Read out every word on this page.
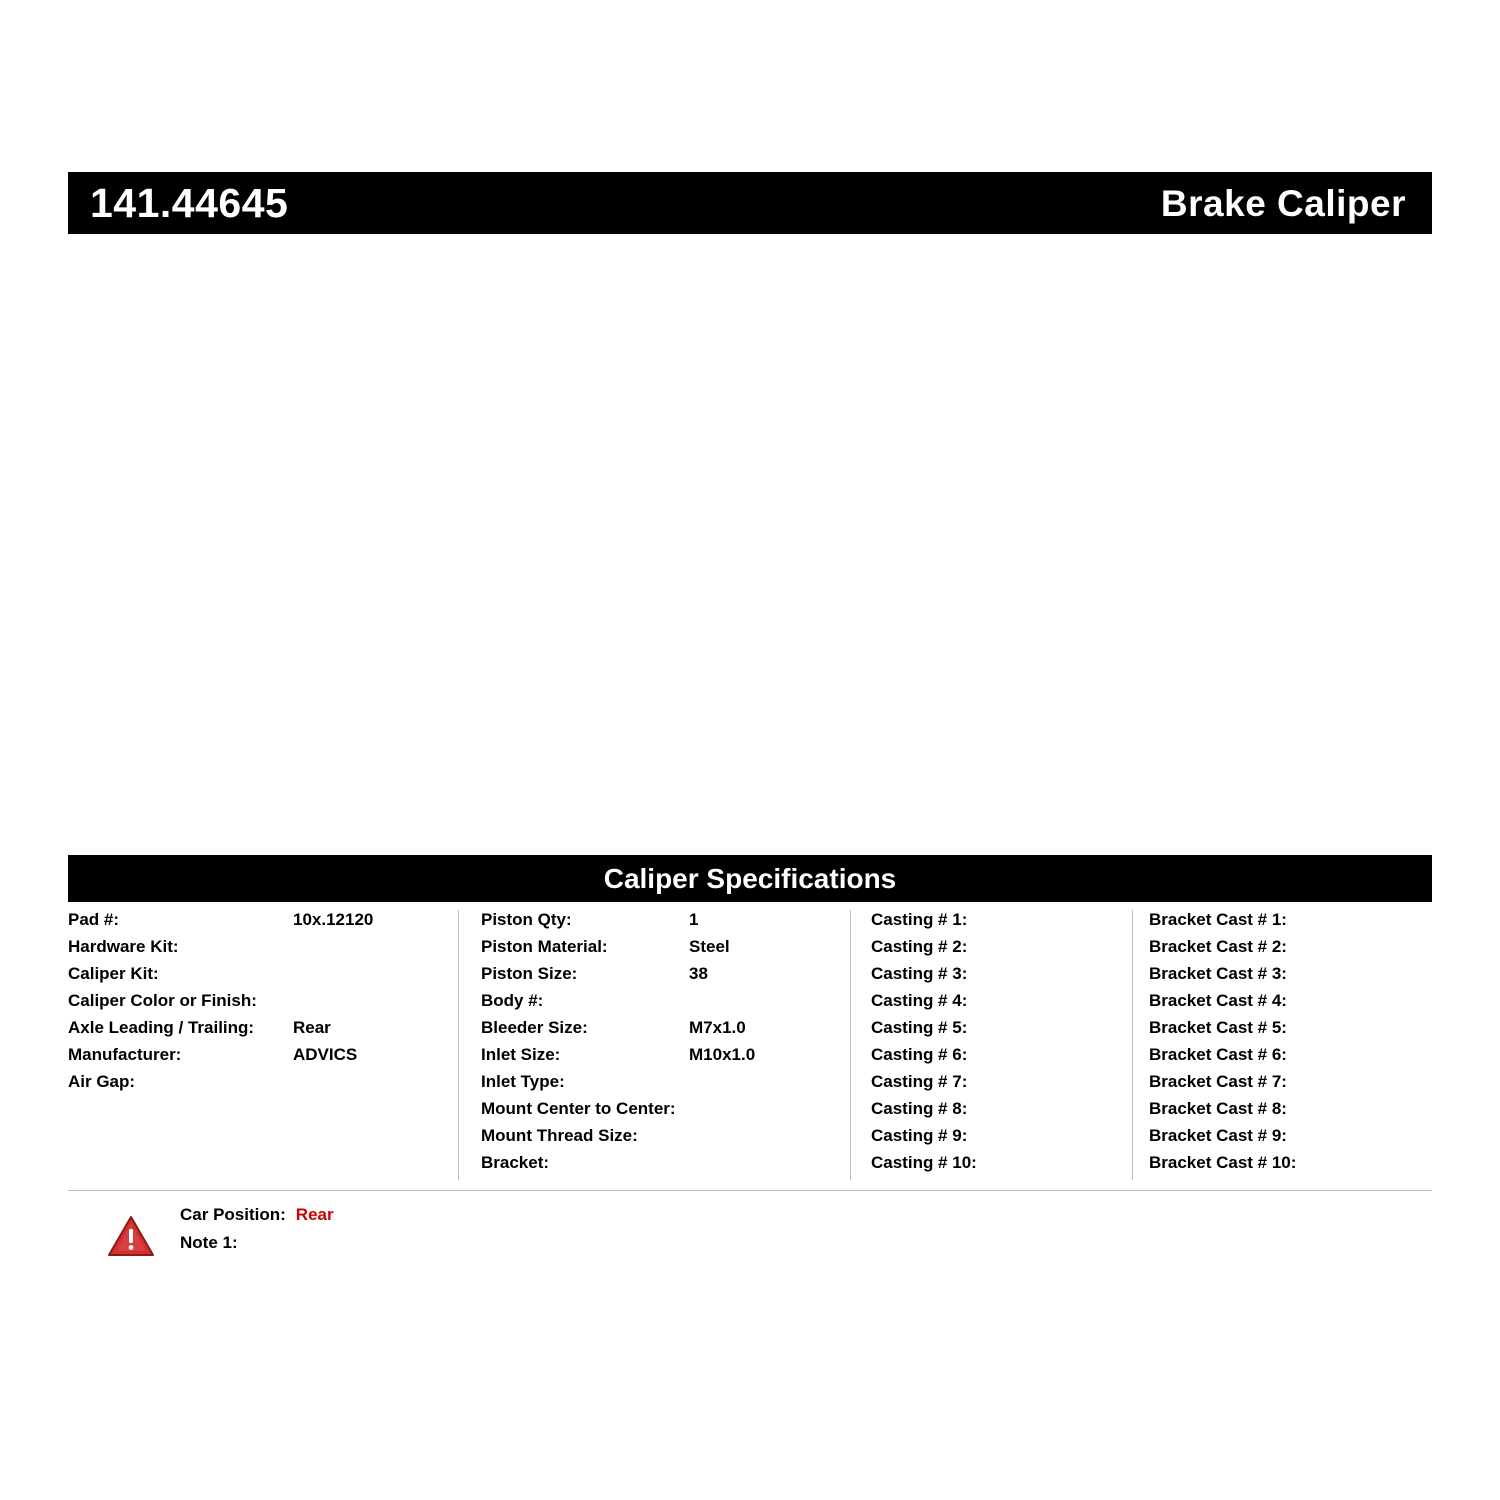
141.44645	Brake Caliper
Caliper Specifications
Pad #:	10x.12120
Hardware Kit:
Caliper Kit:
Caliper Color or Finish:
Axle Leading / Trailing:	Rear
Manufacturer:	ADVICS
Air Gap:
Piston Qty:	1
Piston Material:	Steel
Piston Size:	38
Body #:
Bleeder Size:	M7x1.0
Inlet Size:	M10x1.0
Inlet Type:
Mount Center to Center:
Mount Thread Size:
Bracket:
Casting # 1:
Casting # 2:
Casting # 3:
Casting # 4:
Casting # 5:
Casting # 6:
Casting # 7:
Casting # 8:
Casting # 9:
Casting # 10:
Bracket Cast # 1:
Bracket Cast # 2:
Bracket Cast # 3:
Bracket Cast # 4:
Bracket Cast # 5:
Bracket Cast # 6:
Bracket Cast # 7:
Bracket Cast # 8:
Bracket Cast # 9:
Bracket Cast # 10:
Car Position: Rear
Note 1:
